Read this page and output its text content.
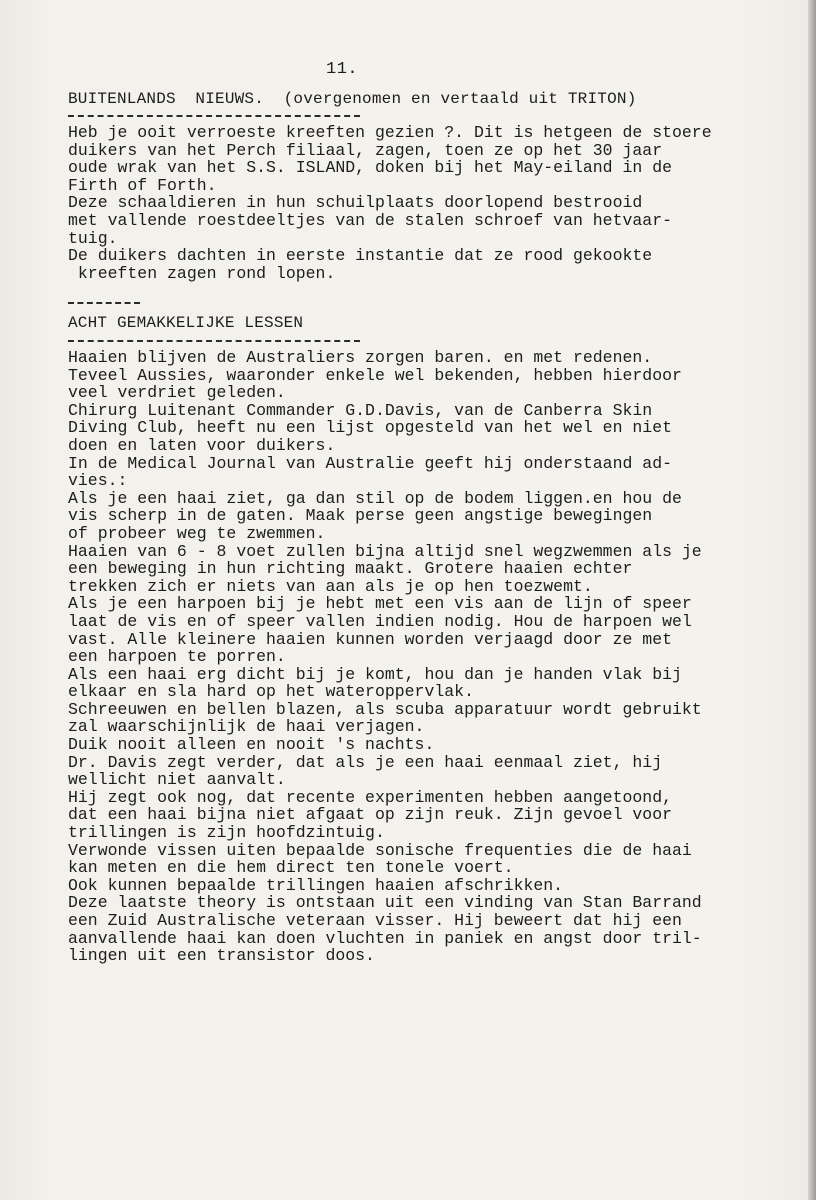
11.
BUITENLANDS  NIEUWS.  (overgenomen en vertaald uit TRITON)
Heb je ooit verroeste kreeften gezien ?. Dit is hetgeen de stoere
duikers van het Perch filiaal, zagen, toen ze op het 30 jaar
oude wrak van het S.S. ISLAND, doken bij het May-eiland in de
Firth of Forth.
Deze schaaldieren in hun schuilplaats doorlopend bestrooid
met vallende roestdeeltjes van de stalen schroef van hetvaar-
tuig.
De duikers dachten in eerste instantie dat ze rood gekookte
kreeften zagen rond lopen.
ACHT GEMAKKELIJKE LESSEN
Haaien blijven de Australiers zorgen baren. en met redenen.
Teveel Aussies, waaronder enkele wel bekenden, hebben hierdoor
veel verdriet geleden.
Chirurg Luitenant Commander G.D.Davis, van de Canberra Skin
Diving Club, heeft nu een lijst opgesteld van het wel en niet
doen en laten voor duikers.
In de Medical Journal van Australie geeft hij onderstaand ad-
vies.:
Als je een haai ziet, ga dan stil op de bodem liggen.en hou de
vis scherp in de gaten. Maak perse geen angstige bewegingen
of probeer weg te zwemmen.
Haaien van 6 - 8 voet zullen bijna altijd snel wegzwemmen als je
een beweging in hun richting maakt. Grotere haaien echter
trekken zich er niets van aan als je op hen toezwemt.
Als je een harpoen bij je hebt met een vis aan de lijn of speer
laat de vis en of speer vallen indien nodig. Hou de harpoen wel
vast. Alle kleinere haaien kunnen worden verjaagd door ze met
een harpoen te porren.
Als een haai erg dicht bij je komt, hou dan je handen vlak bij
elkaar en sla hard op het wateroppervlak.
Schreeuwen en bellen blazen, als scuba apparatuur wordt gebruikt
zal waarschijnlijk de haai verjagen.
Duik nooit alleen en nooit 's nachts.
Dr. Davis zegt verder, dat als je een haai eenmaal ziet, hij
wellicht niet aanvalt.
Hij zegt ook nog, dat recente experimenten hebben aangetoond,
dat een haai bijna niet afgaat op zijn reuk. Zijn gevoel voor
trillingen is zijn hoofdzintuig.
Verwonde vissen uiten bepaalde sonische frequenties die de haai
kan meten en die hem direct ten tonele voert.
Ook kunnen bepaalde trillingen haaien afschrikken.
Deze laatste theory is ontstaan uit een vinding van Stan Barrand
een Zuid Australische veteraan visser. Hij beweert dat hij een
aanvallende haai kan doen vluchten in paniek en angst door tril-
lingen uit een transistor doos.
